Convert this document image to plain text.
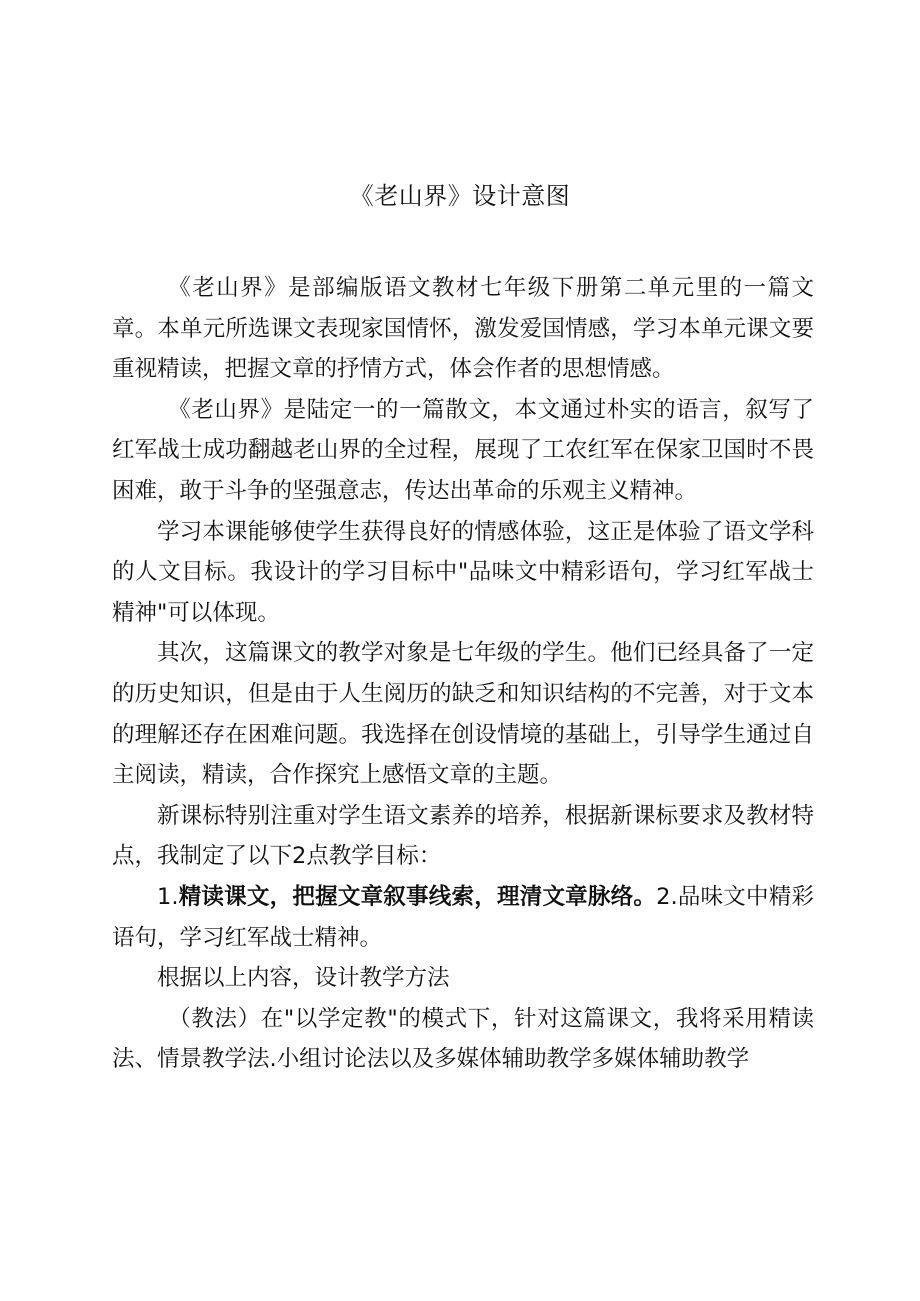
《老山界》设计意图

《老山界》是部编版语文教材七年级下册第二单元里的一篇文章。本单元所选课文表现家国情怀，激发爱国情感，学习本单元课文要重视精读，把握文章的抒情方式，体会作者的思想情感。

《老山界》是陆定一的一篇散文，本文通过朴实的语言，叙写了红军战士成功翻越老山界的全过程，展现了工农红军在保家卫国时不畏困难，敢于斗争的坚强意志，传达出革命的乐观主义精神。

学习本课能够使学生获得良好的情感体验，这正是体验了语文学科的人文目标。我设计的学习目标中"品味文中精彩语句，学习红军战士精神"可以体现。

其次，这篇课文的教学对象是七年级的学生。他们已经具备了一定的历史知识，但是由于人生阅历的缺乏和知识结构的不完善，对于文本的理解还存在困难问题。我选择在创设情境的基础上，引导学生通过自主阅读，精读，合作探究上感悟文章的主题。

新课标特别注重对学生语文素养的培养，根据新课标要求及教材特点，我制定了以下2点教学目标：

1.精读课文，把握文章叙事线索，理清文章脉络。2.品味文中精彩语句，学习红军战士精神。

根据以上内容，设计教学方法

（教法）在"以学定教"的模式下，针对这篇课文，我将采用精读法、情景教学法.小组讨论法以及多媒体辅助教学多媒体辅助教学
